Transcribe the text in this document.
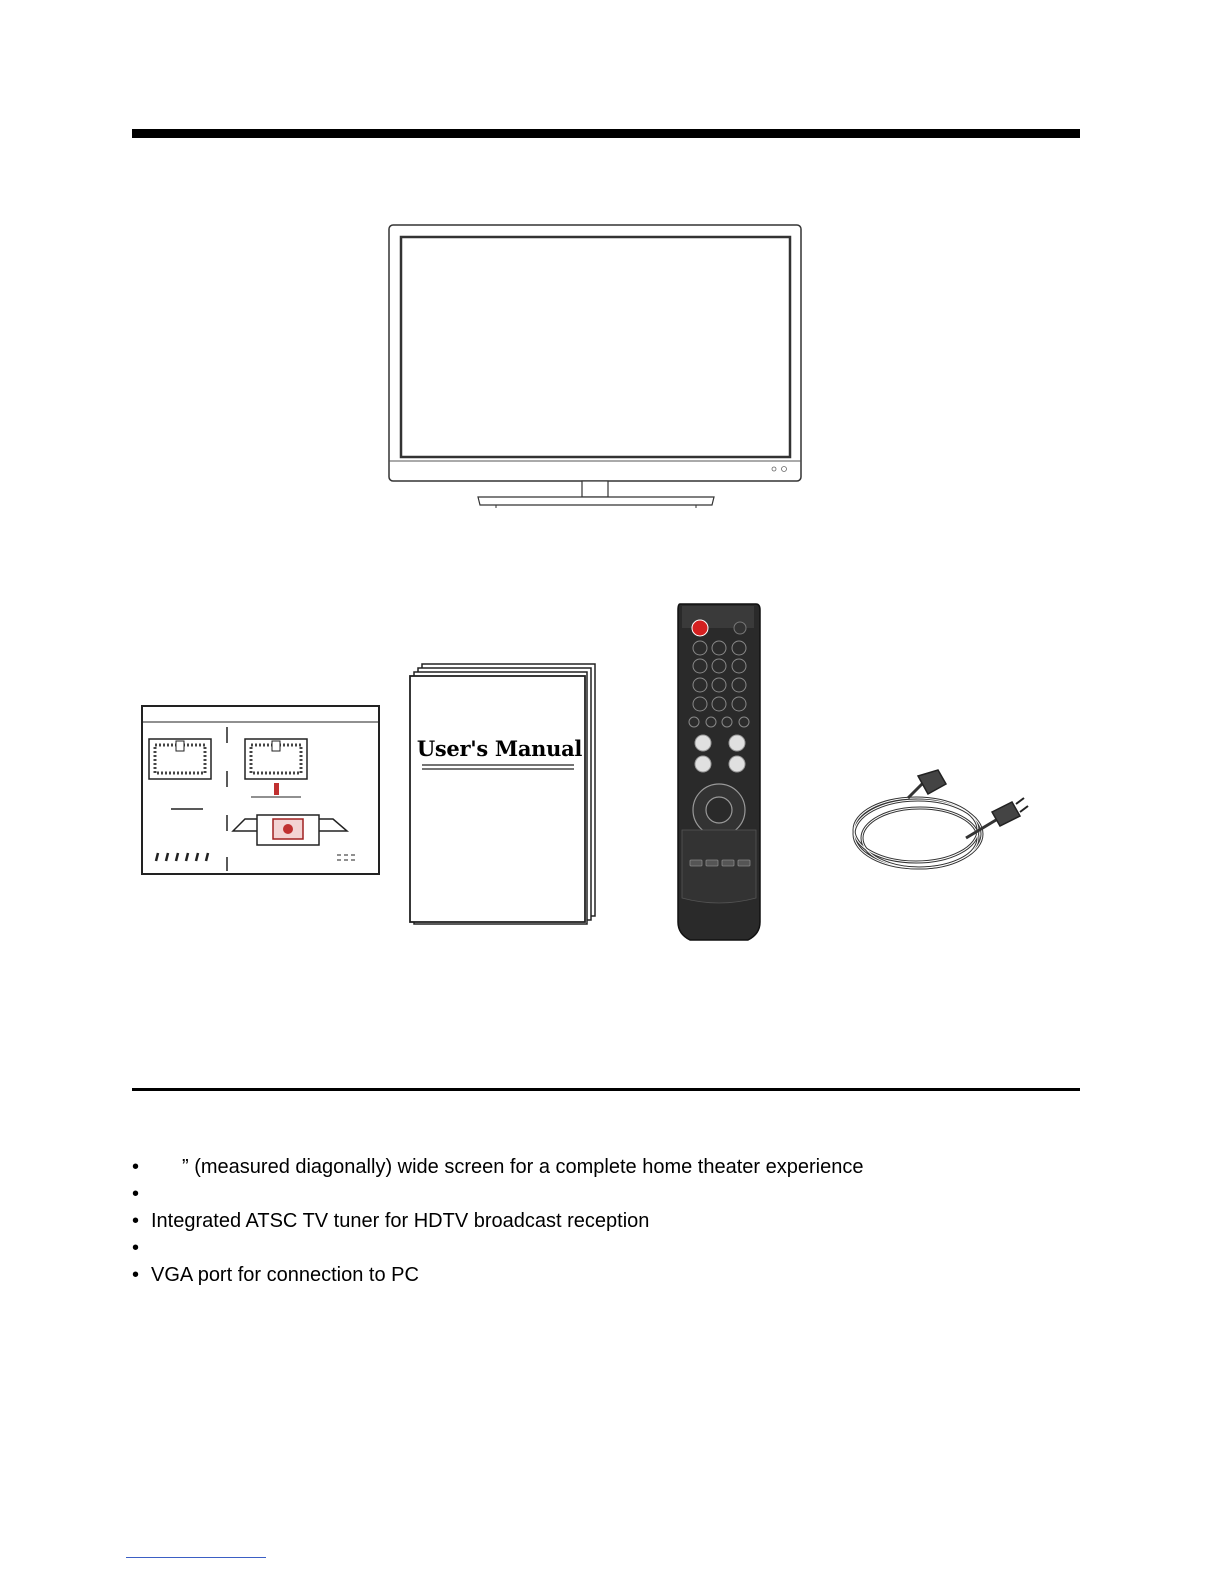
User's Manual
• ” (measured diagonally) wide screen for a complete home theater experience
•
• Integrated ATSC TV tuner for HDTV broadcast reception
•
• VGA port for connection to PC
